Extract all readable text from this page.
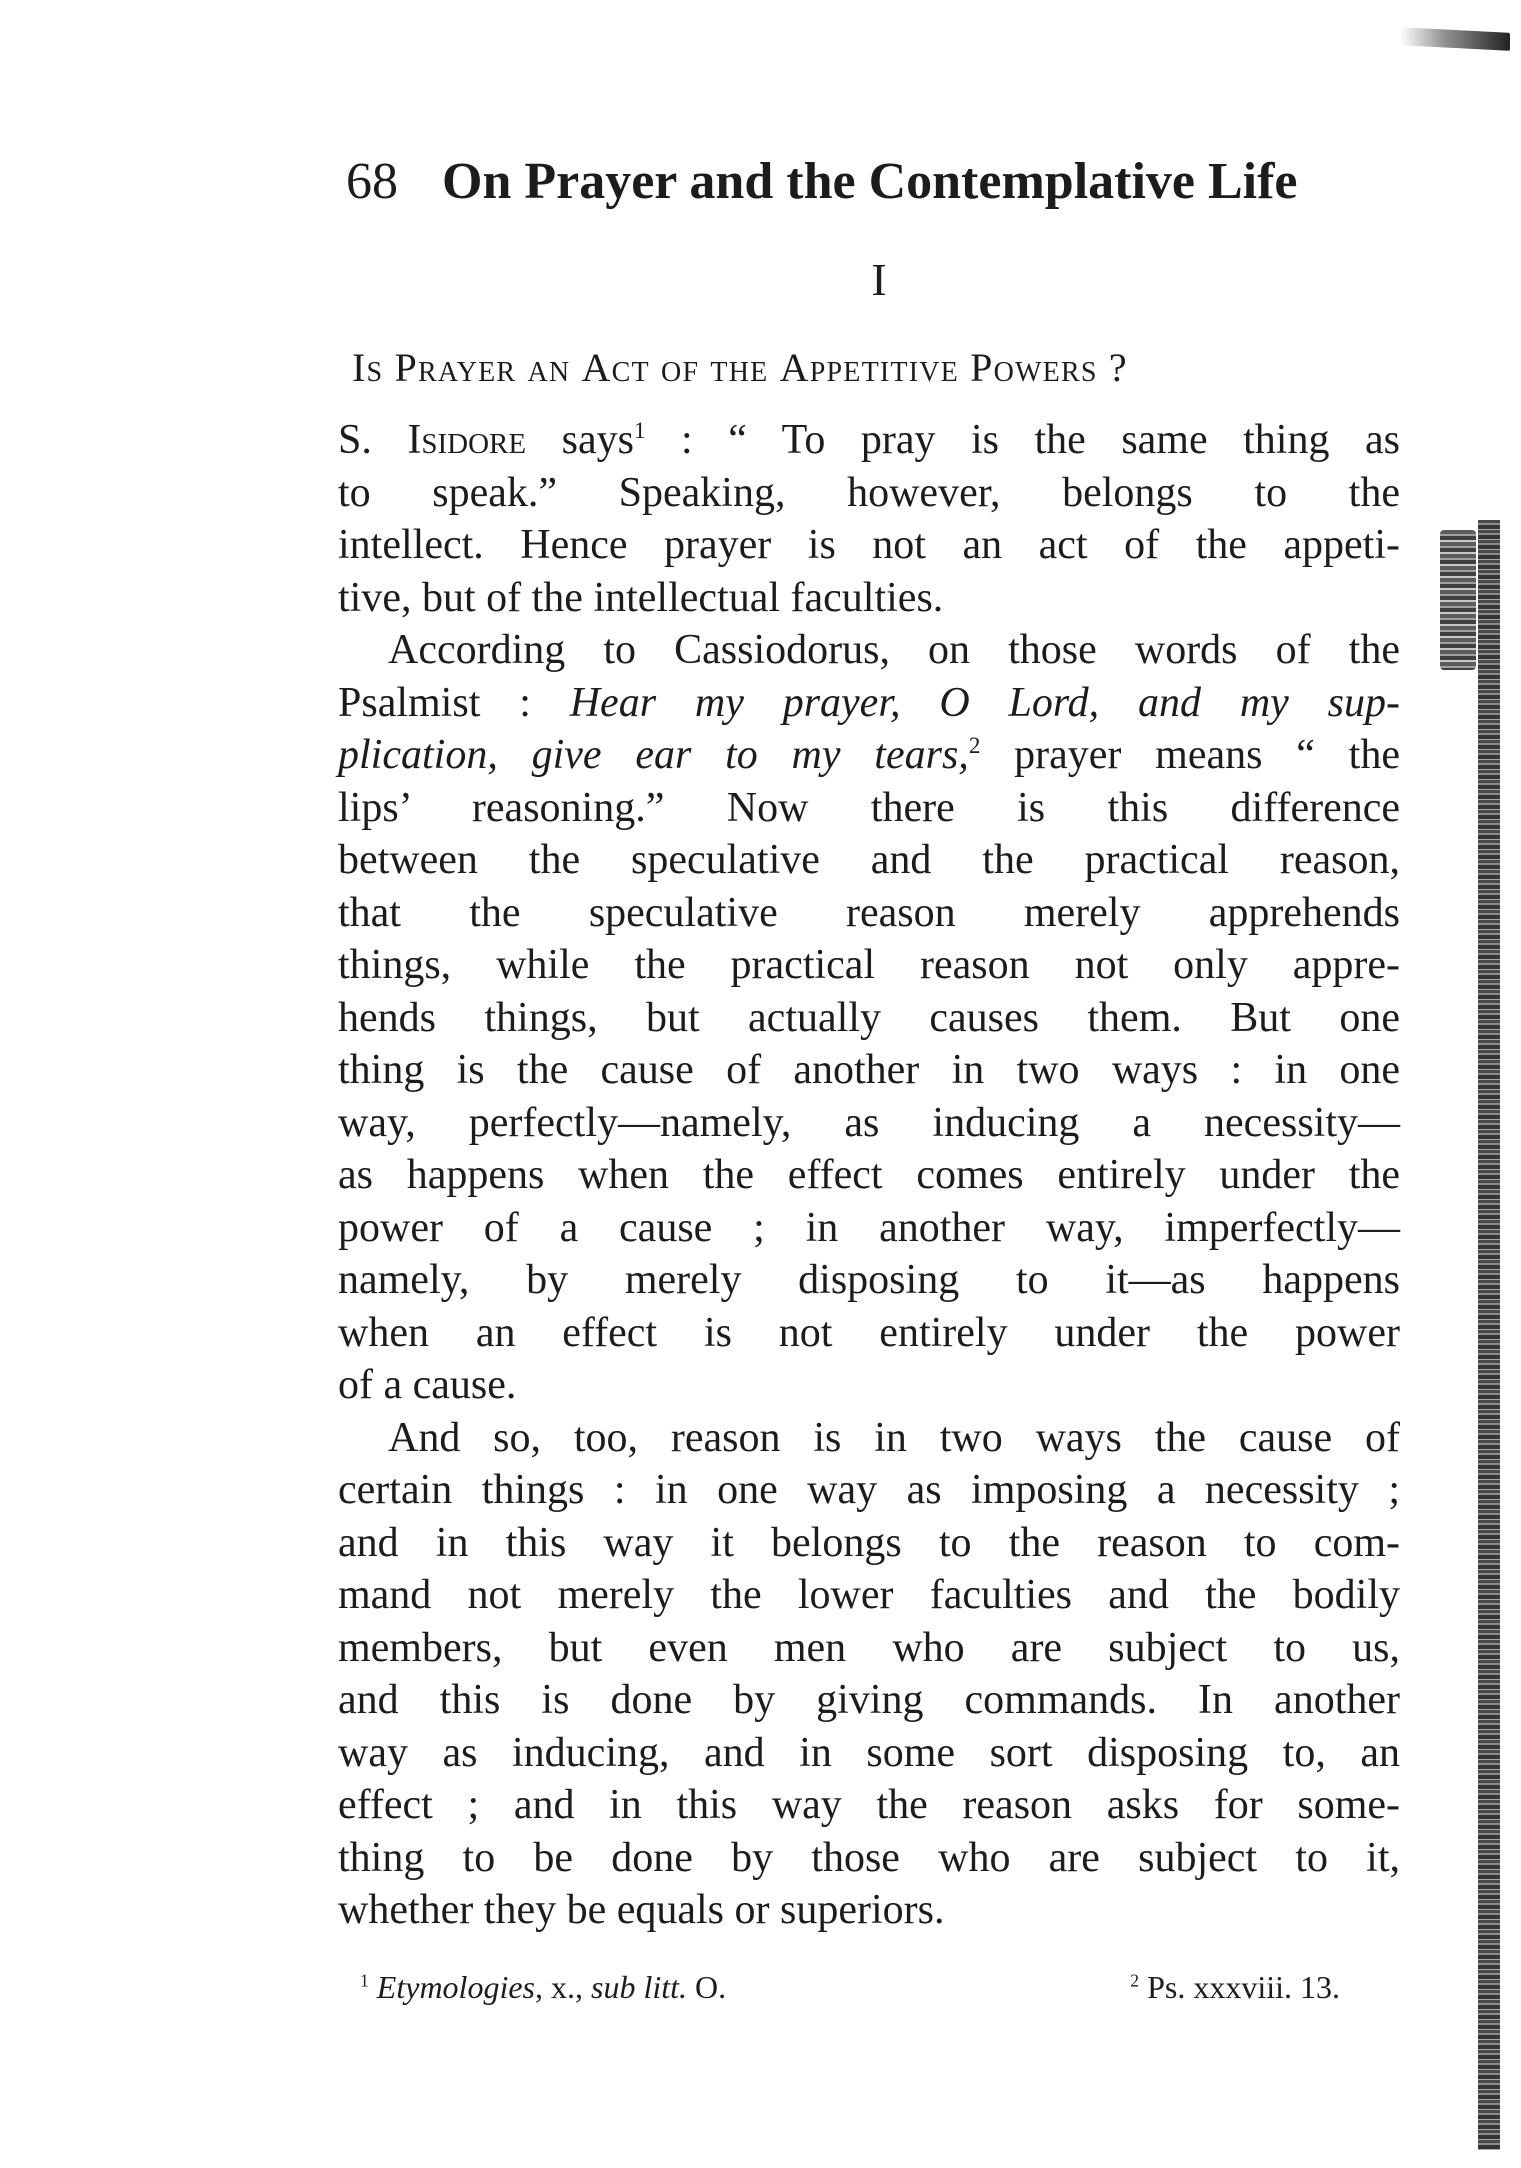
68 On Prayer and the Contemplative Life
I
Is Prayer an Act of the Appetitive Powers ?
S. Isidore says$^1$ : “ To pray is the same thing as
to speak.” Speaking, however, belongs to the
intellect. Hence prayer is not an act of the appeti-
tive, but of the intellectual faculties.
According to Cassiodorus, on those words of the
Psalmist : Hear my prayer, O Lord, and my sup-
plication, give ear to my tears,$^2$ prayer means “ the
lips’ reasoning.” Now there is this difference
between the speculative and the practical reason,
that the speculative reason merely apprehends
things, while the practical reason not only appre-
hends things, but actually causes them. But one
thing is the cause of another in two ways : in one
way, perfectly—namely, as inducing a necessity—
as happens when the effect comes entirely under the
power of a cause ; in another way, imperfectly—
namely, by merely disposing to it—as happens
when an effect is not entirely under the power
of a cause.
And so, too, reason is in two ways the cause of
certain things : in one way as imposing a necessity ;
and in this way it belongs to the reason to com-
mand not merely the lower faculties and the bodily
members, but even men who are subject to us,
and this is done by giving commands. In another
way as inducing, and in some sort disposing to, an
effect ; and in this way the reason asks for some-
thing to be done by those who are subject to it,
whether they be equals or superiors.
$^1$ Etymologies, x., sub litt. O.	$^2$ Ps. xxxviii. 13.
